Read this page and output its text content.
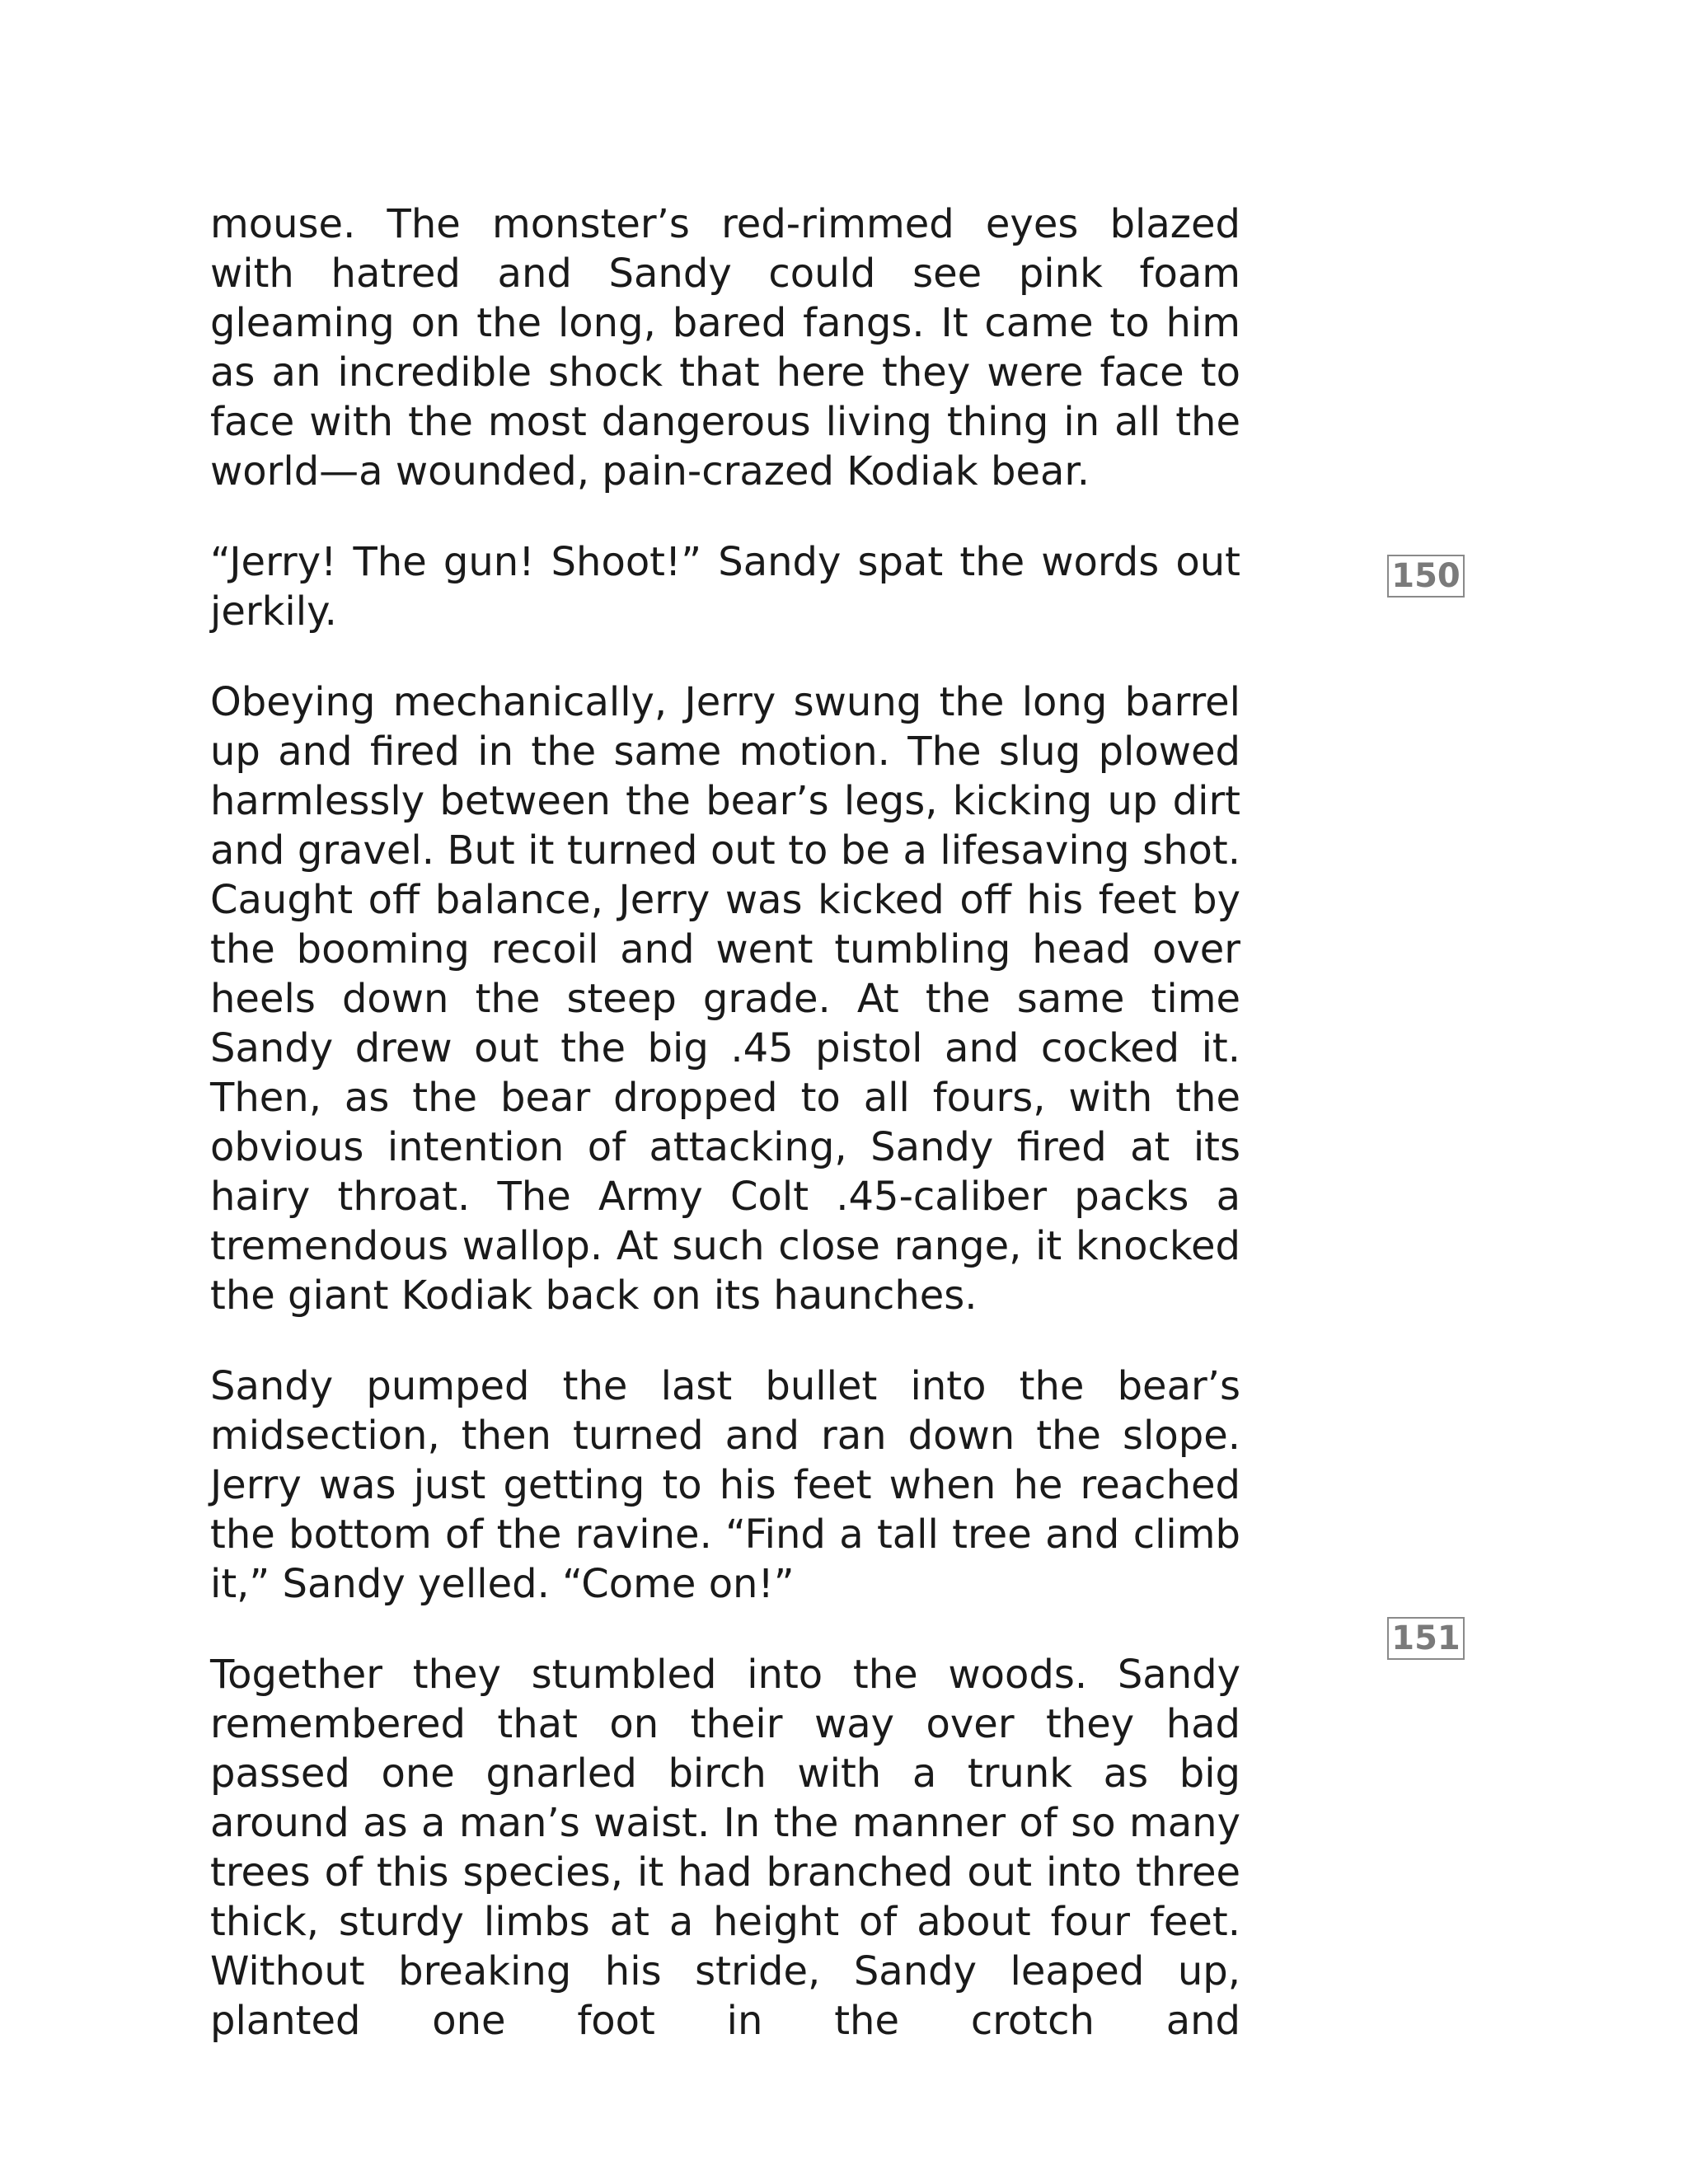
mouse. The monster’s red-rimmed eyes blazed with hatred and Sandy could see pink foam gleaming on the long, bared fangs. It came to him as an incredible shock that here they were face to face with the most dangerous living thing in all the world—a wounded, pain-crazed Kodiak bear.

“Jerry! The gun! Shoot!” Sandy spat the words out jerkily.

Obeying mechanically, Jerry swung the long barrel up and fired in the same motion. The slug plowed harmlessly between the bear’s legs, kicking up dirt and gravel. But it turned out to be a lifesaving shot. Caught off balance, Jerry was kicked off his feet by the booming recoil and went tumbling head over heels down the steep grade. At the same time Sandy drew out the big .45 pistol and cocked it. Then, as the bear dropped to all fours, with the obvious intention of attacking, Sandy fired at its hairy throat. The Army Colt .45-caliber packs a tremendous wallop. At such close range, it knocked the giant Kodiak back on its haunches.

Sandy pumped the last bullet into the bear’s midsection, then turned and ran down the slope. Jerry was just getting to his feet when he reached the bottom of the ravine. “Find a tall tree and climb it,” Sandy yelled. “Come on!”

Together they stumbled into the woods. Sandy remembered that on their way over they had passed one gnarled birch with a trunk as big around as a man’s waist. In the manner of so many trees of this species, it had branched out into three thick, sturdy limbs at a height of about four feet. Without breaking his stride, Sandy leaped up, planted one foot in the crotch and

150
151
